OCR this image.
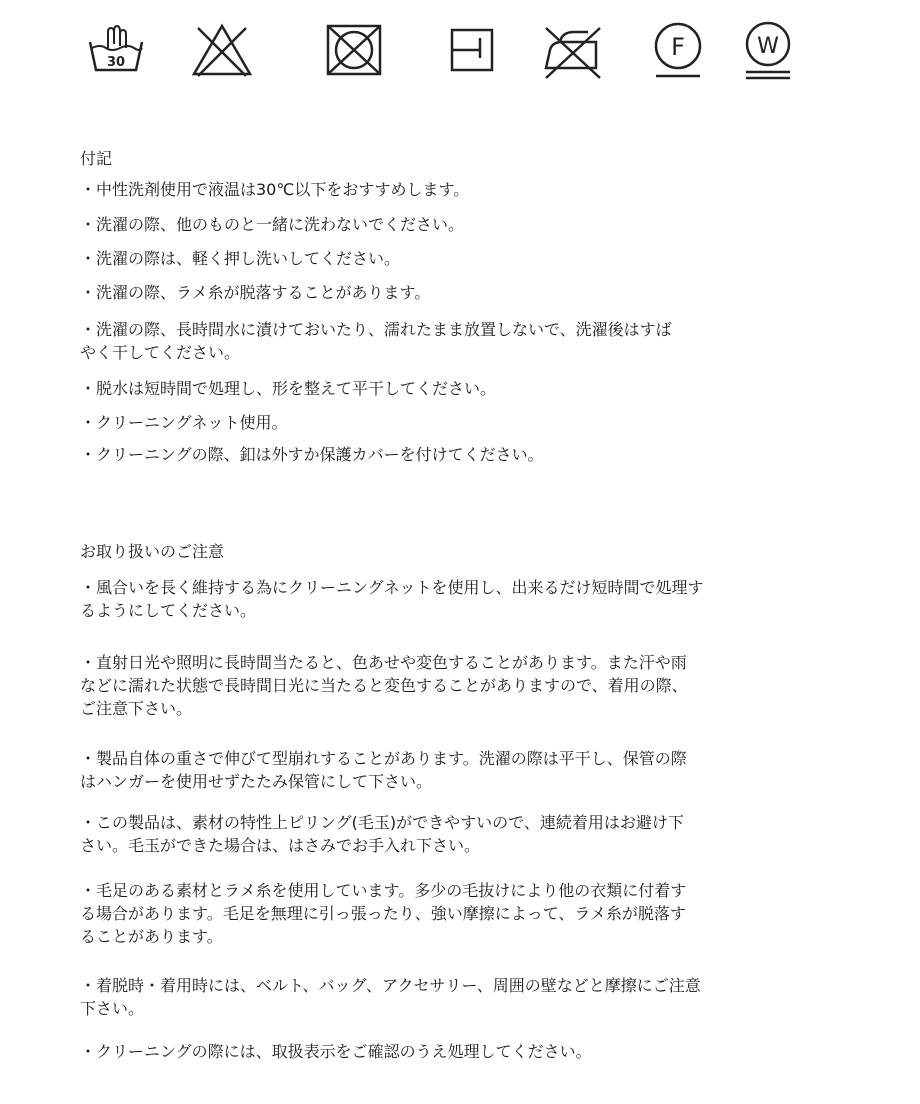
30
F	W

付記

・中性洗剤使用で液温は30℃以下をおすすめします。

・洗濯の際、他のものと一緒に洗わないでください。

・洗濯の際は、軽く押し洗いしてください。

・洗濯の際、ラメ糸が脱落することがあります。

・洗濯の際、長時間水に漬けておいたり、濡れたまま放置しないで、洗濯後はすば

やく干してください。

・脱水は短時間で処理し、形を整えて平干してください。

・クリーニングネット使用。

・クリーニングの際、釦は外すか保護カバーを付けてください。

お取り扱いのご注意

・風合いを長く維持する為にクリーニングネットを使用し、出来るだけ短時間で処理す

るようにしてください。

・直射日光や照明に長時間当たると、色あせや変色することがあります。また汗や雨

などに濡れた状態で長時間日光に当たると変色することがありますので、着用の際、

ご注意下さい。

・製品自体の重さで伸びて型崩れすることがあります。洗濯の際は平干し、保管の際

はハンガーを使用せずたたみ保管にして下さい。

・この製品は、素材の特性上ピリング(毛玉)ができやすいので、連続着用はお避け下

さい。毛玉ができた場合は、はさみでお手入れ下さい。

・毛足のある素材とラメ糸を使用しています。多少の毛抜けにより他の衣類に付着す

る場合があります。毛足を無理に引っ張ったり、強い摩擦によって、ラメ糸が脱落す

ることがあります。

・着脱時・着用時には、ベルト、バッグ、アクセサリー、周囲の壁などと摩擦にご注意

下さい。

・クリーニングの際には、取扱表示をご確認のうえ処理してください。
